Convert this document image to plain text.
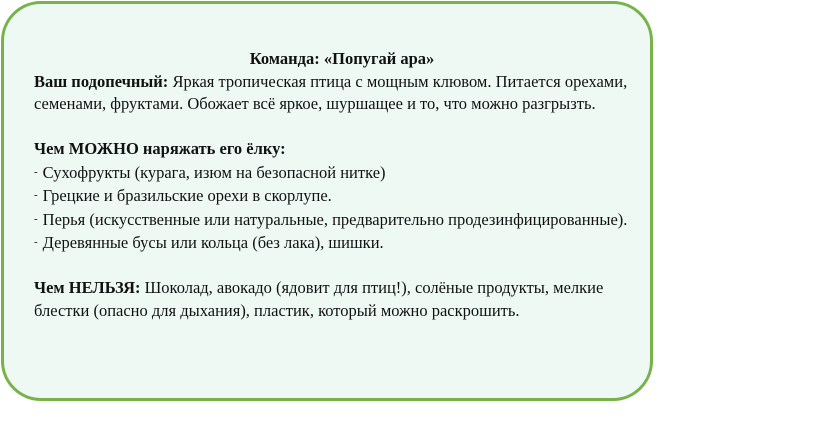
Команда: «Попугай ара»

Ваш подопечный: Яркая тропическая птица с мощным клювом. Питается орехами, семенами, фруктами. Обожает всё яркое, шуршащее и то, что можно разгрызть.

Чем МОЖНО наряжать его ёлку:

- Сухофрукты (курага, изюм на безопасной нитке)

- Грецкие и бразильские орехи в скорлупе.

- Перья (искусственные или натуральные, предварительно продезинфицированные).

- Деревянные бусы или кольца (без лака), шишки.

Чем НЕЛЬЗЯ: Шоколад, авокадо (ядовит для птиц!), солёные продукты, мелкие блестки (опасно для дыхания), пластик, который можно раскрошить.
